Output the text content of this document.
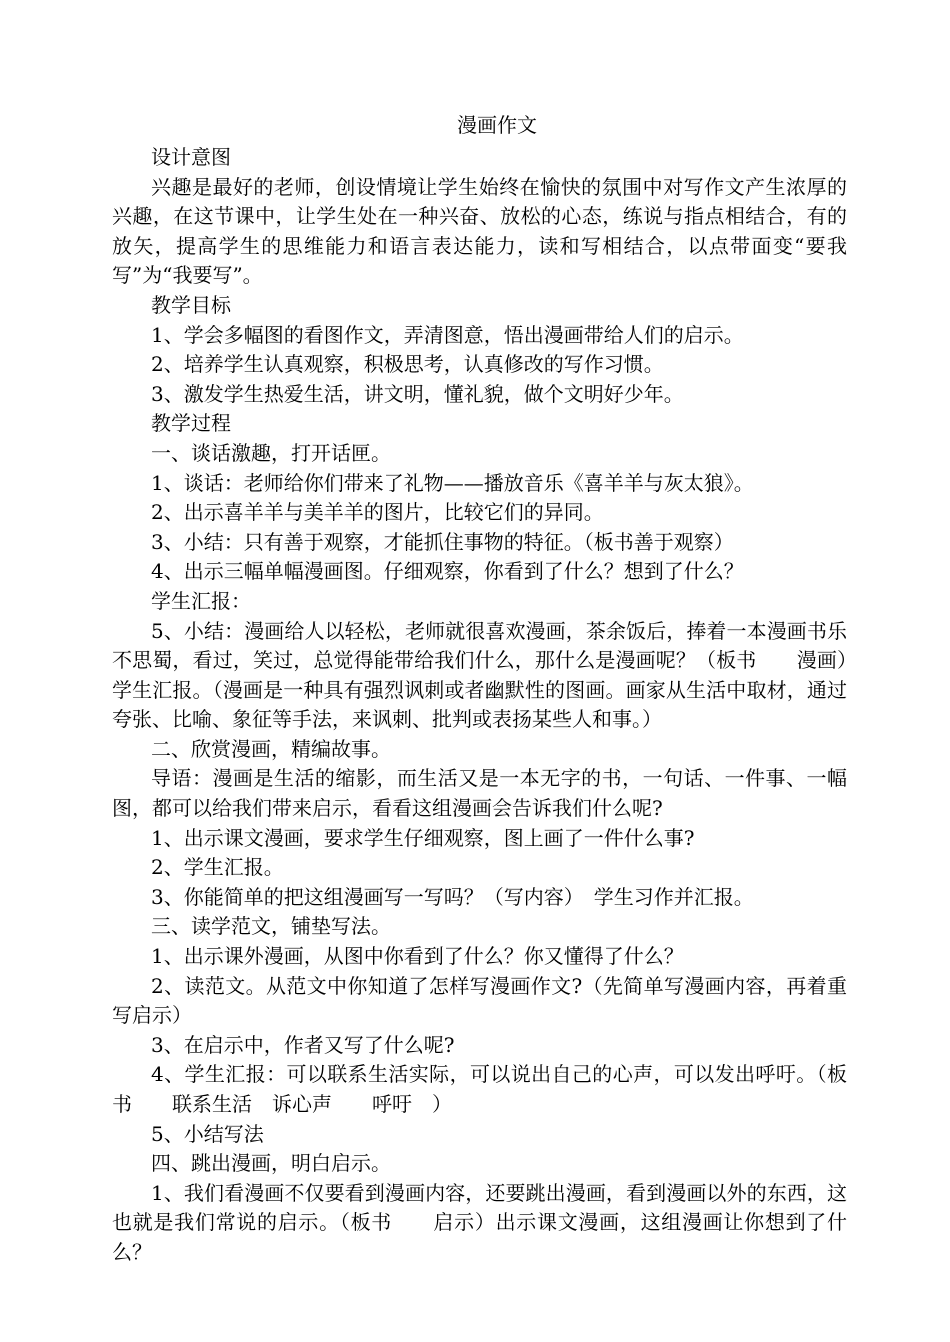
漫画作文

设计意图

兴趣是最好的老师，创设情境让学生始终在愉快的氛围中对写作文产生浓厚的兴趣，在这节课中，让学生处在一种兴奋、放松的心态，练说与指点相结合，有的放矢，提高学生的思维能力和语言表达能力，读和写相结合，以点带面变“要我写”为“我要写”。

教学目标

1、学会多幅图的看图作文，弄清图意，悟出漫画带给人们的启示。

2、培养学生认真观察，积极思考，认真修改的写作习惯。

3、激发学生热爱生活，讲文明，懂礼貌，做个文明好少年。

教学过程

一、谈话激趣，打开话匣。

1、谈话：老师给你们带来了礼物——播放音乐《喜羊羊与灰太狼》。

2、出示喜羊羊与美羊羊的图片，比较它们的异同。

3、小结：只有善于观察，才能抓住事物的特征。（板书善于观察）

4、出示三幅单幅漫画图。仔细观察，你看到了什么？想到了什么？

学生汇报：

5、小结：漫画给人以轻松，老师就很喜欢漫画，茶余饭后，捧着一本漫画书乐不思蜀，看过，笑过，总觉得能带给我们什么，那什么是漫画呢？（板书　　漫画）学生汇报。（漫画是一种具有强烈讽刺或者幽默性的图画。画家从生活中取材，通过夸张、比喻、象征等手法，来讽刺、批判或表扬某些人和事。）

二、欣赏漫画，精编故事。

导语：漫画是生活的缩影，而生活又是一本无字的书，一句话、一件事、一幅图，都可以给我们带来启示，看看这组漫画会告诉我们什么呢?

1、出示课文漫画，要求学生仔细观察，图上画了一件什么事?

2、学生汇报。

3、你能简单的把这组漫画写一写吗？（写内容）　学生习作并汇报。

三、读学范文，铺垫写法。

1、出示课外漫画，从图中你看到了什么？你又懂得了什么？

2、读范文。从范文中你知道了怎样写漫画作文?（先简单写漫画内容，再着重写启示）

3、在启示中，作者又写了什么呢?

4、学生汇报：可以联系生活实际，可以说出自己的心声，可以发出呼吁。（板书　　联系生活　诉心声　　呼吁　）

5、小结写法

四、跳出漫画，明白启示。

1、我们看漫画不仅要看到漫画内容，还要跳出漫画，看到漫画以外的东西，这也就是我们常说的启示。（板书　　启示）出示课文漫画，这组漫画让你想到了什么？
